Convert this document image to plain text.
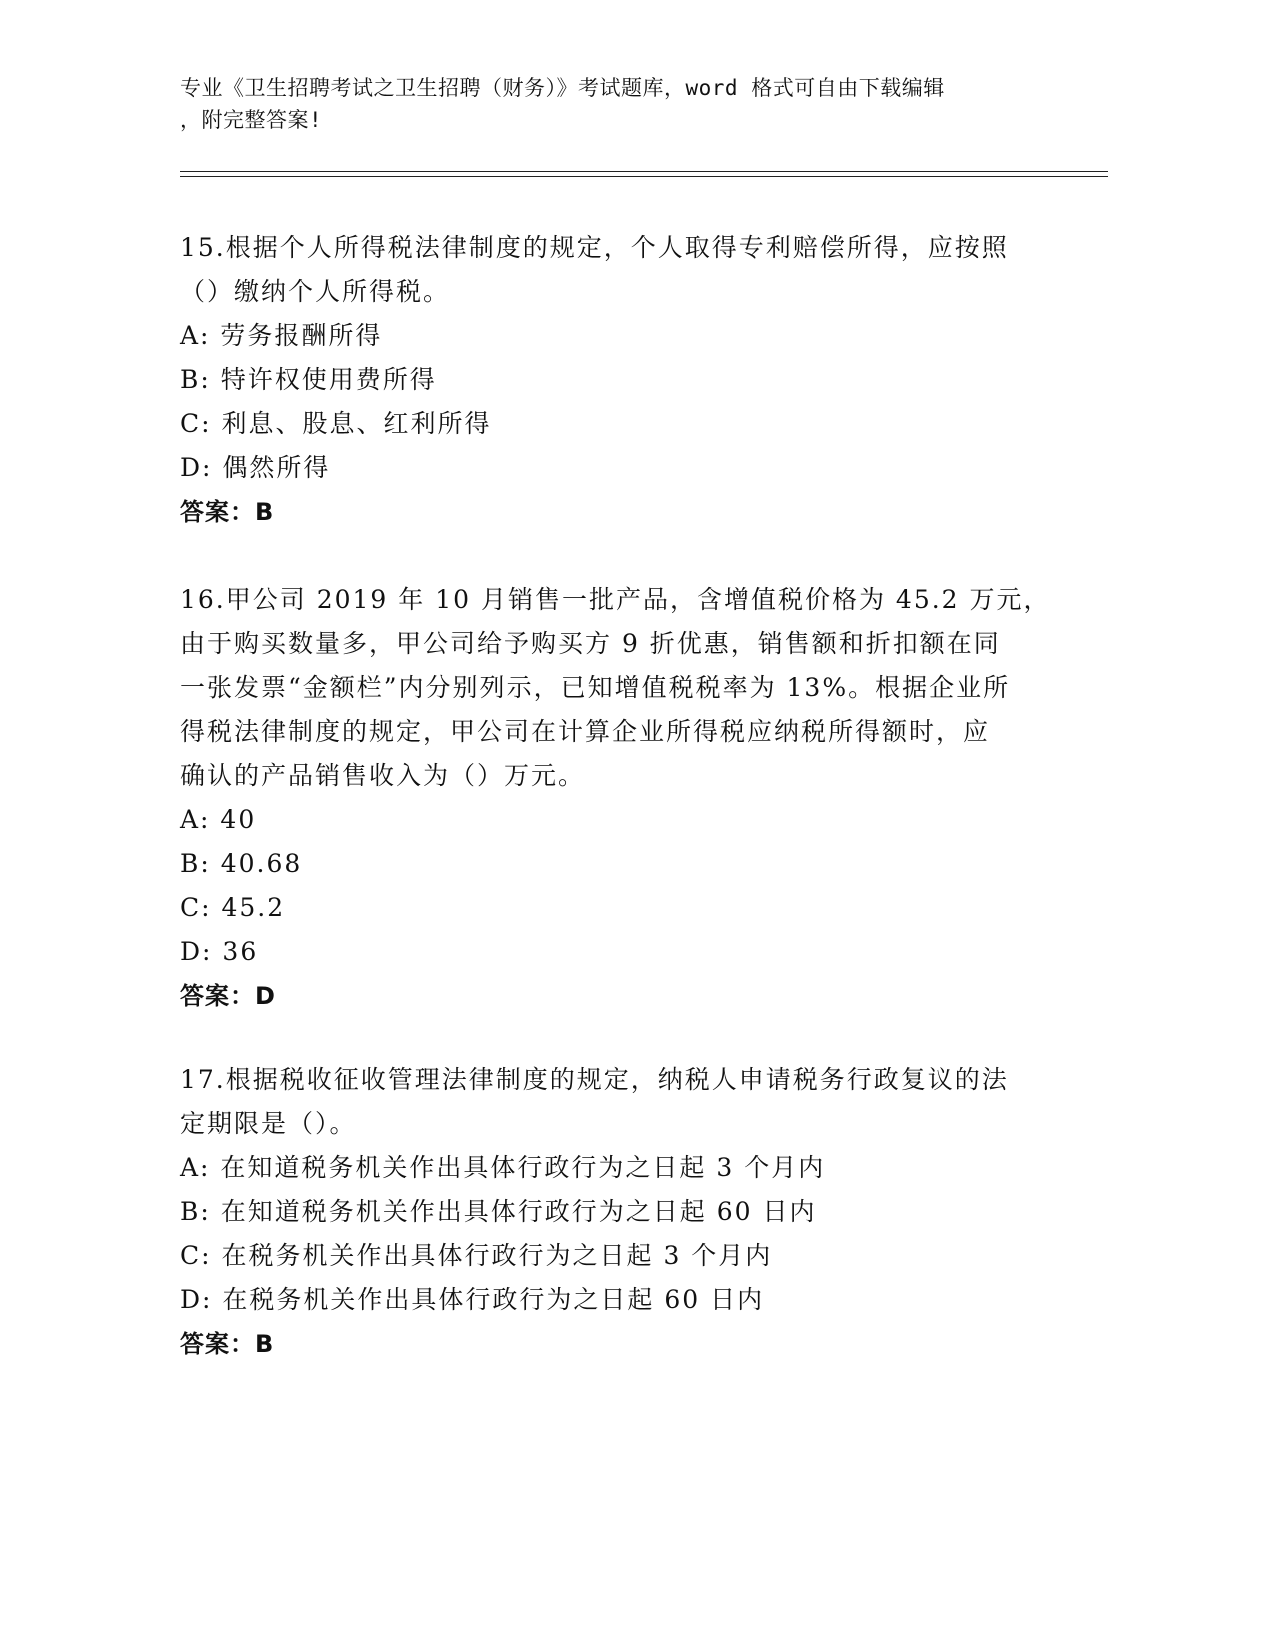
专业《卫生招聘考试之卫生招聘（财务）》考试题库，word 格式可自由下载编辑
，附完整答案!
15.根据个人所得税法律制度的规定，个人取得专利赔偿所得，应按照
（）缴纳个人所得税。
A: 劳务报酬所得
B: 特许权使用费所得
C: 利息、股息、红利所得
D: 偶然所得
答案：B
16.甲公司 2019 年 10 月销售一批产品，含增值税价格为 45.2 万元，
由于购买数量多，甲公司给予购买方 9 折优惠，销售额和折扣额在同
一张发票“金额栏”内分别列示，已知增值税税率为 13%。根据企业所
得税法律制度的规定，甲公司在计算企业所得税应纳税所得额时，应
确认的产品销售收入为（）万元。
A: 40
B: 40.68
C: 45.2
D: 36
答案：D
17.根据税收征收管理法律制度的规定，纳税人申请税务行政复议的法
定期限是（）。
A: 在知道税务机关作出具体行政行为之日起 3 个月内
B: 在知道税务机关作出具体行政行为之日起 60 日内
C: 在税务机关作出具体行政行为之日起 3 个月内
D: 在税务机关作出具体行政行为之日起 60 日内
答案：B
